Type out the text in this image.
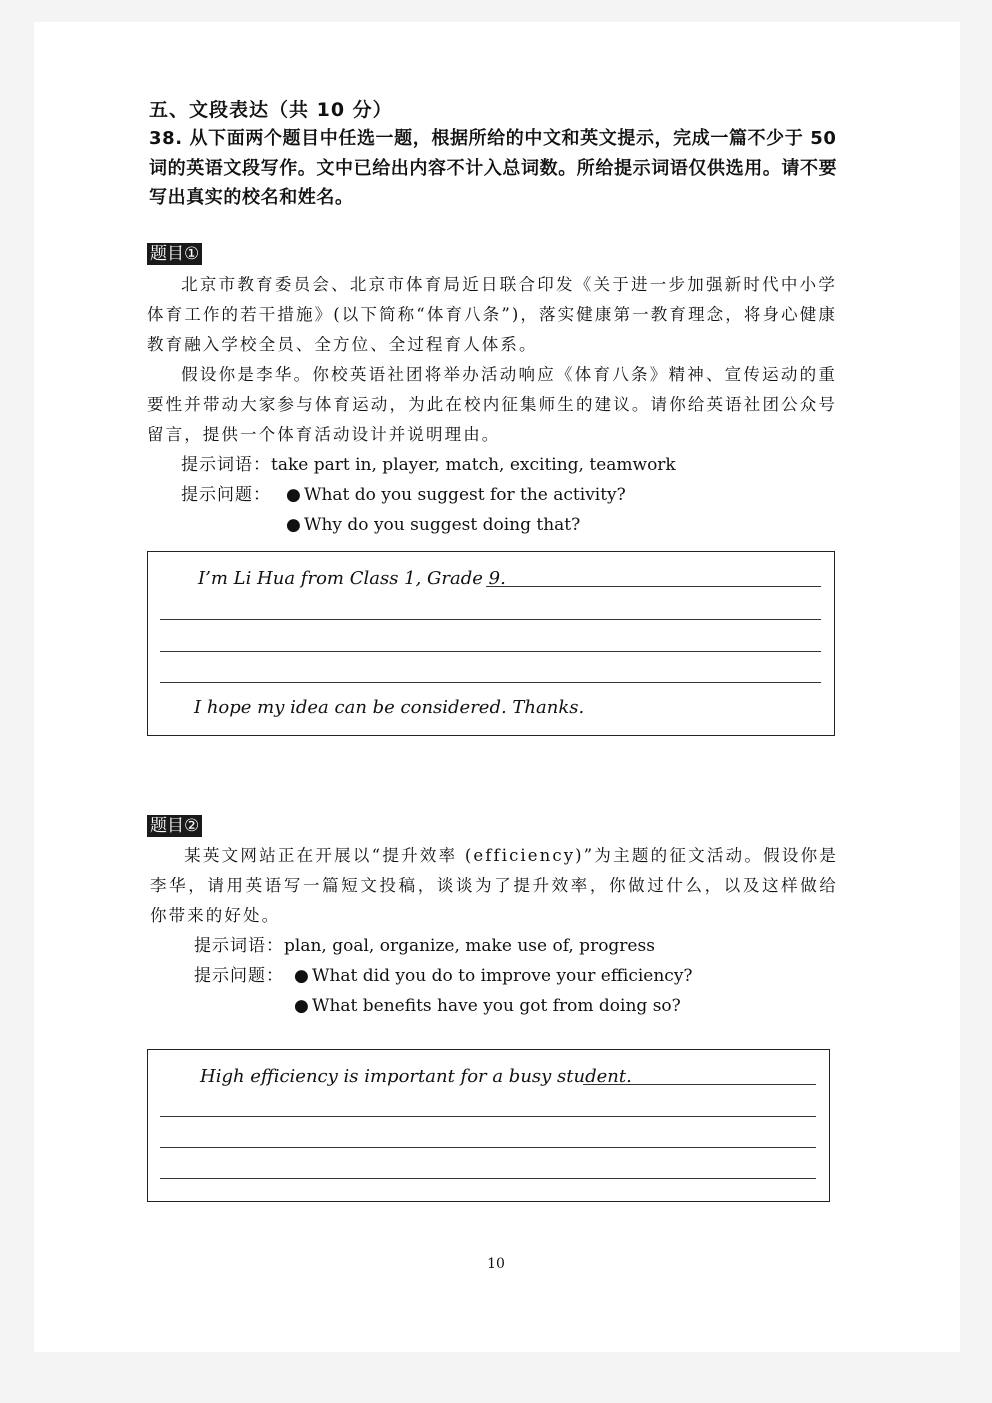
五、文段表达（共 10 分）
38. 从下面两个题目中任选一题，根据所给的中文和英文提示，完成一篇不少于 50 词的英语文段写作。文中已给出内容不计入总词数。所给提示词语仅供选用。请不要写出真实的校名和姓名。
题目①
北京市教育委员会、北京市体育局近日联合印发《关于进一步加强新时代中小学体育工作的若干措施》(以下简称“体育八条”)，落实健康第一教育理念，将身心健康教育融入学校全员、全方位、全过程育人体系。
假设你是李华。你校英语社团将举办活动响应《体育八条》精神、宣传运动的重要性并带动大家参与体育运动，为此在校内征集师生的建议。请你给英语社团公众号留言，提供一个体育活动设计并说明理由。
提示词语：take part in, player, match, exciting, teamwork
提示问题： ● What do you suggest for the activity?
● Why do you suggest doing that?
I’m Li Hua from Class 1, Grade 9.
I hope my idea can be considered. Thanks.
题目②
某英文网站正在开展以“提升效率 (efficiency)”为主题的征文活动。假设你是李华，请用英语写一篇短文投稿，谈谈为了提升效率，你做过什么，以及这样做给你带来的好处。
提示词语：plan, goal, organize, make use of, progress
提示问题： ● What did you do to improve your efficiency?
● What benefits have you got from doing so?
High efficiency is important for a busy student.
10
